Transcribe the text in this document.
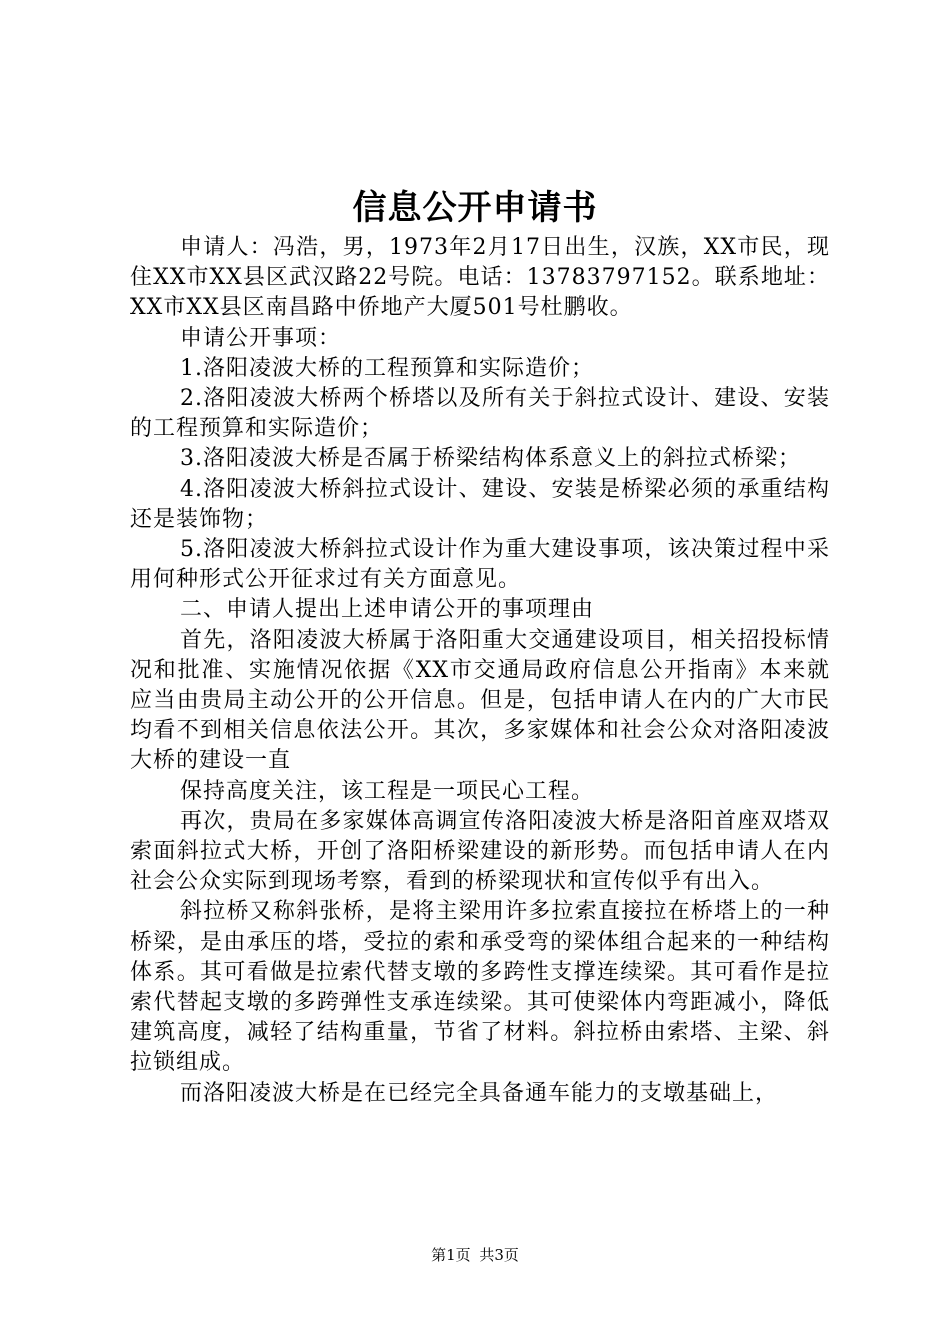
信息公开申请书

申请人：冯浩，男，1973年2月17日出生，汉族，XX市民，现住XX市XX县区武汉路22号院。电话：13783797152。联系地址：XX市XX县区南昌路中侨地产大厦501号杜鹏收。

申请公开事项：

1.洛阳凌波大桥的工程预算和实际造价；

2.洛阳凌波大桥两个桥塔以及所有关于斜拉式设计、建设、安装的工程预算和实际造价；

3.洛阳凌波大桥是否属于桥梁结构体系意义上的斜拉式桥梁；

4.洛阳凌波大桥斜拉式设计、建设、安装是桥梁必须的承重结构还是装饰物；

5.洛阳凌波大桥斜拉式设计作为重大建设事项，该决策过程中采用何种形式公开征求过有关方面意见。

二、申请人提出上述申请公开的事项理由

首先，洛阳凌波大桥属于洛阳重大交通建设项目，相关招投标情况和批准、实施情况依据《XX市交通局政府信息公开指南》本来就应当由贵局主动公开的公开信息。但是，包括申请人在内的广大市民均看不到相关信息依法公开。其次，多家媒体和社会公众对洛阳凌波大桥的建设一直

保持高度关注，该工程是一项民心工程。

再次，贵局在多家媒体高调宣传洛阳凌波大桥是洛阳首座双塔双索面斜拉式大桥，开创了洛阳桥梁建设的新形势。而包括申请人在内社会公众实际到现场考察，看到的桥梁现状和宣传似乎有出入。

斜拉桥又称斜张桥，是将主梁用许多拉索直接拉在桥塔上的一种桥梁，是由承压的塔，受拉的索和承受弯的梁体组合起来的一种结构体系。其可看做是拉索代替支墩的多跨性支撑连续梁。其可看作是拉索代替起支墩的多跨弹性支承连续梁。其可使梁体内弯距减小，降低建筑高度，减轻了结构重量，节省了材料。斜拉桥由索塔、主梁、斜拉锁组成。

而洛阳凌波大桥是在已经完全具备通车能力的支墩基础上，

第1页 共3页
